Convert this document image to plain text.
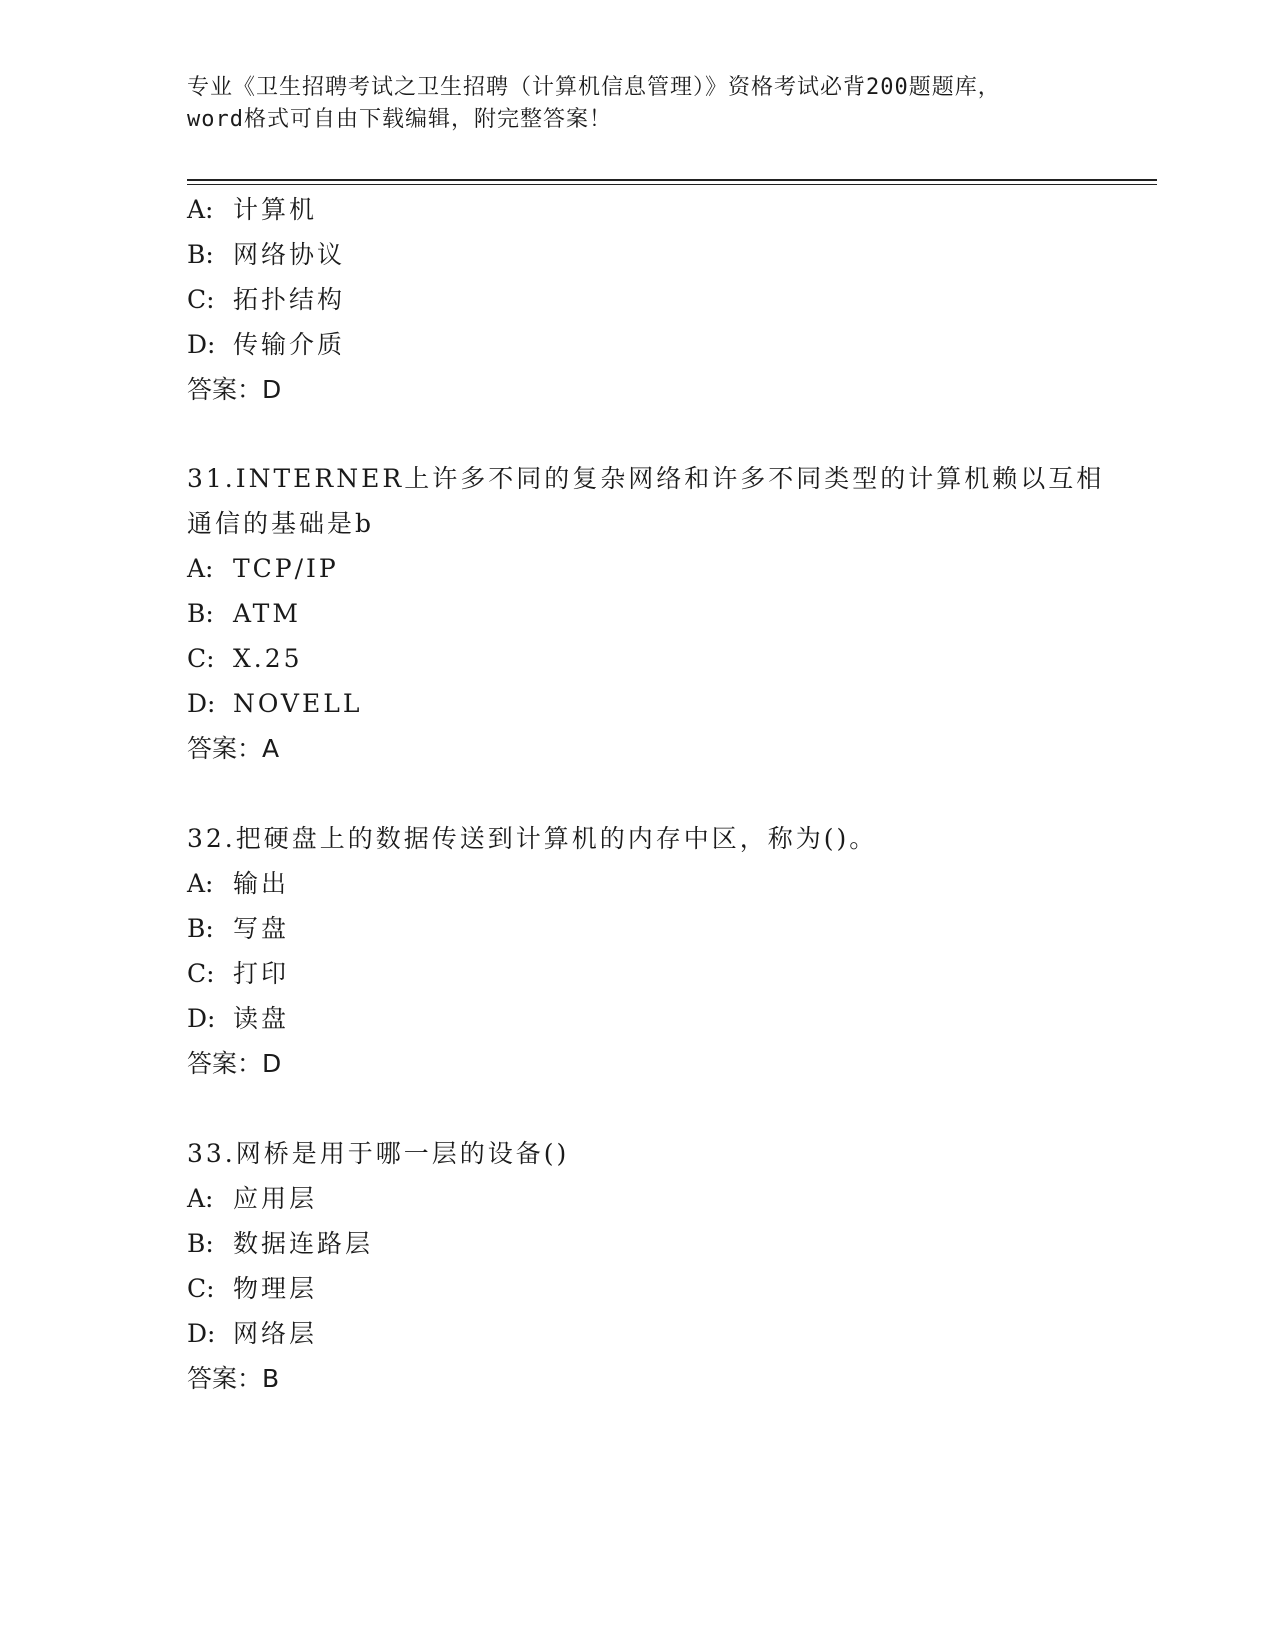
专业《卫生招聘考试之卫生招聘（计算机信息管理）》资格考试必背200题题库，
word格式可自由下载编辑，附完整答案！
A: 计算机
B: 网络协议
C: 拓扑结构
D: 传输介质
答案：D
31.INTERNER上许多不同的复杂网络和许多不同类型的计算机赖以互相
通信的基础是b
A: TCP/IP
B: ATM
C: X.25
D: NOVELL
答案：A
32.把硬盘上的数据传送到计算机的内存中区，称为()。
A: 输出
B: 写盘
C: 打印
D: 读盘
答案：D
33.网桥是用于哪一层的设备()
A: 应用层
B: 数据连路层
C: 物理层
D: 网络层
答案：B
